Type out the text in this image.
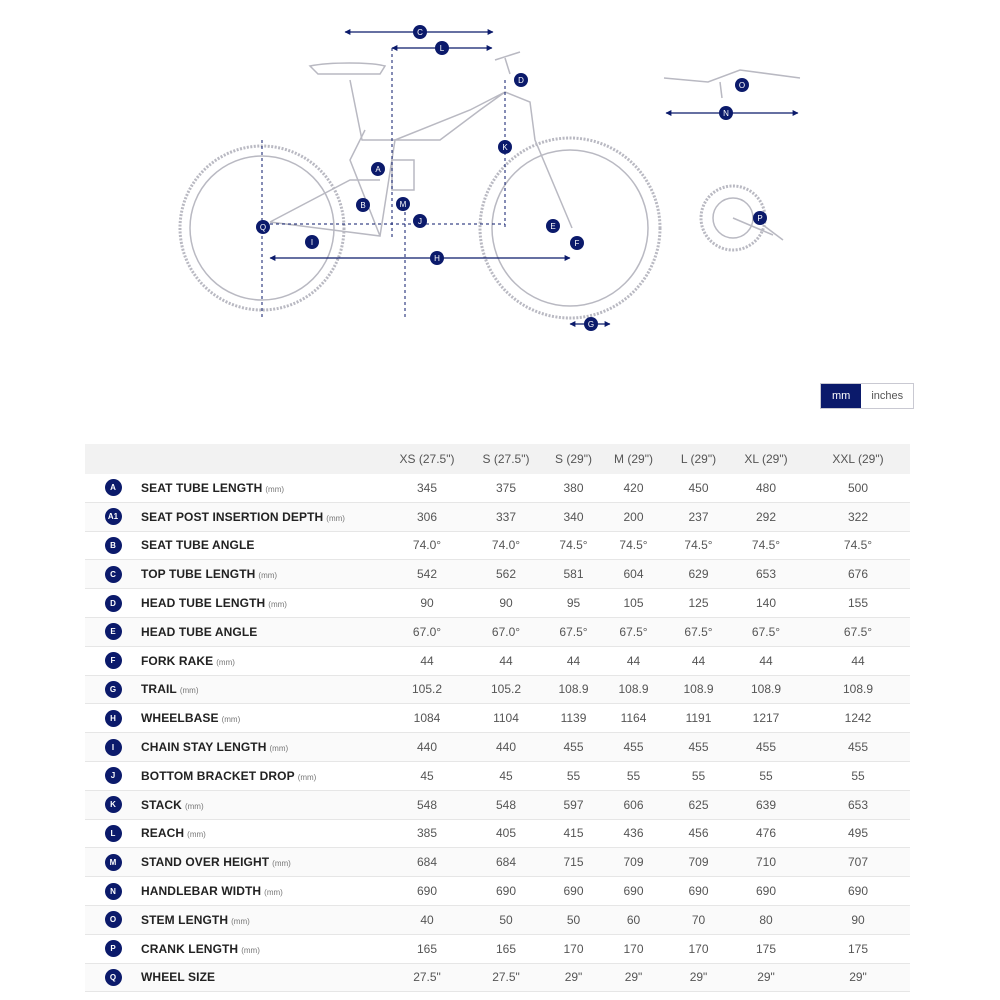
C
L
D
O
N
K
A
B	M
J
E
F
Q
I
H
G
P
mm	inches
		XS (27.5")	S (27.5")	S (29")	M (29")	L (29")	XL (29")	XXL (29")
A	SEAT TUBE LENGTH (mm)	345	375	380	420	450	480	500
A1	SEAT POST INSERTION DEPTH (mm)	306	337	340	200	237	292	322
B	SEAT TUBE ANGLE	74.0°	74.0°	74.5°	74.5°	74.5°	74.5°	74.5°
C	TOP TUBE LENGTH (mm)	542	562	581	604	629	653	676
D	HEAD TUBE LENGTH (mm)	90	90	95	105	125	140	155
E	HEAD TUBE ANGLE	67.0°	67.0°	67.5°	67.5°	67.5°	67.5°	67.5°
F	FORK RAKE (mm)	44	44	44	44	44	44	44
G	TRAIL (mm)	105.2	105.2	108.9	108.9	108.9	108.9	108.9
H	WHEELBASE (mm)	1084	1104	1139	1164	1191	1217	1242
I	CHAIN STAY LENGTH (mm)	440	440	455	455	455	455	455
J	BOTTOM BRACKET DROP (mm)	45	45	55	55	55	55	55
K	STACK (mm)	548	548	597	606	625	639	653
L	REACH (mm)	385	405	415	436	456	476	495
M	STAND OVER HEIGHT (mm)	684	684	715	709	709	710	707
N	HANDLEBAR WIDTH (mm)	690	690	690	690	690	690	690
O	STEM LENGTH (mm)	40	50	50	60	70	80	90
P	CRANK LENGTH (mm)	165	165	170	170	170	175	175
Q	WHEEL SIZE	27.5"	27.5"	29"	29"	29"	29"	29"
